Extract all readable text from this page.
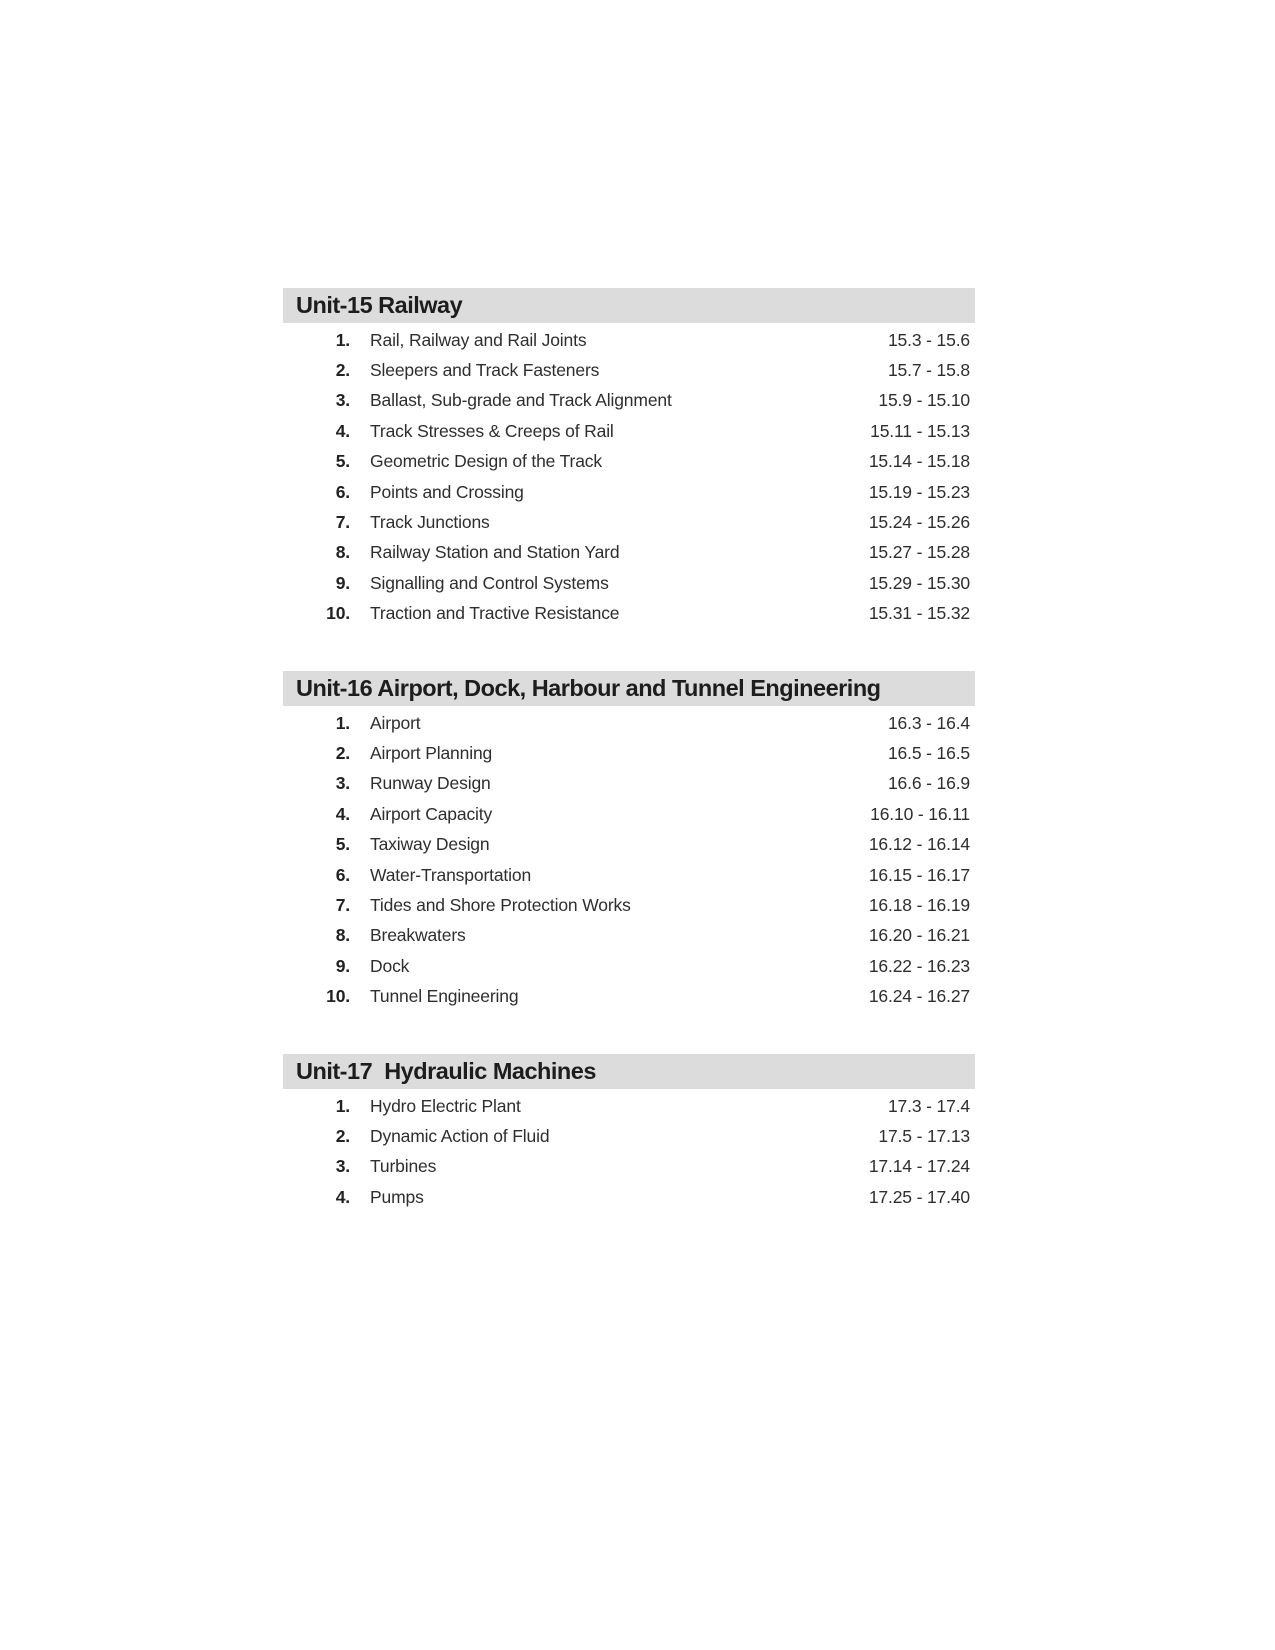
Unit-15 Railway
1. Rail, Railway and Rail Joints	15.3 - 15.6
2. Sleepers and Track Fasteners	15.7 - 15.8
3. Ballast, Sub-grade and Track Alignment	15.9 - 15.10
4. Track Stresses & Creeps of Rail	15.11 - 15.13
5. Geometric Design of the Track	15.14 - 15.18
6. Points and Crossing	15.19 - 15.23
7. Track Junctions	15.24 - 15.26
8. Railway Station and Station Yard	15.27 - 15.28
9. Signalling and Control Systems	15.29 - 15.30
10. Traction and Tractive Resistance	15.31 - 15.32
Unit-16 Airport, Dock, Harbour and Tunnel Engineering
1. Airport	16.3 - 16.4
2. Airport Planning	16.5 - 16.5
3. Runway Design	16.6 - 16.9
4. Airport Capacity	16.10 - 16.11
5. Taxiway Design	16.12 - 16.14
6. Water-Transportation	16.15 - 16.17
7. Tides and Shore Protection Works	16.18 - 16.19
8. Breakwaters	16.20 - 16.21
9. Dock	16.22 - 16.23
10. Tunnel Engineering	16.24 - 16.27
Unit-17  Hydraulic Machines
1. Hydro Electric Plant	17.3 - 17.4
2. Dynamic Action of Fluid	17.5 - 17.13
3. Turbines	17.14 - 17.24
4. Pumps	17.25 - 17.40
